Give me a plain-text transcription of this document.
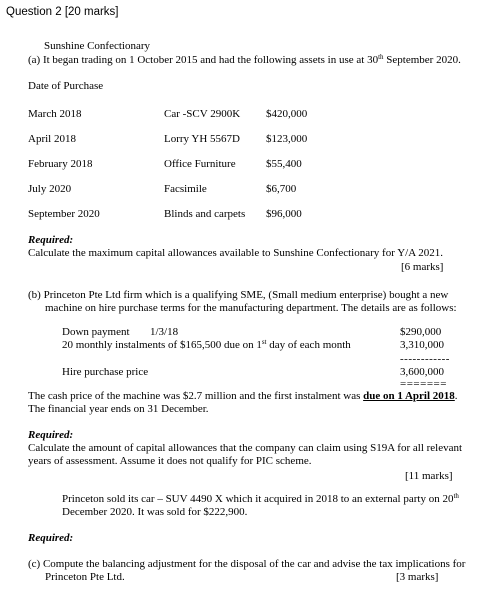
Question 2 [20 marks]
Sunshine Confectionary
(a) It began trading on 1 October 2015 and had the following assets in use at 30th September 2020.
Date of Purchase
March 2018	Car -SCV 2900K $420,000
April 2018	Lorry YH 5567D $123,000
February 2018	Office Furniture	$55,400
July 2020	Facsimile	$6,700
September 2020	Blinds and carpets $96,000
Required:
Calculate the maximum capital allowances available to Sunshine Confectionary for Y/A 2021.
[6 marks]
(b) Princeton Pte Ltd firm which is a qualifying SME, (Small medium enterprise) bought a new
machine on hire purchase terms for the manufacturing department. The details are as follows:
Down payment 1/3/18	$290,000
20 monthly instalments of $165,500 due on 1st day of each month	3,310,000
------------
Hire purchase price	3,600,000
=======
The cash price of the machine was $2.7 million and the first instalment was due on 1 April 2018.
The financial year ends on 31 December.
Required:
Calculate the amount of capital allowances that the company can claim using S19A for all relevant
years of assessment. Assume it does not qualify for PIC scheme.
[11 marks]
Princeton sold its car – SUV 4490 X which it acquired in 2018 to an external party on 20th
December 2020. It was sold for $222,900.
Required:
(c) Compute the balancing adjustment for the disposal of the car and advise the tax implications for
Princeton Pte Ltd.	[3 marks]
